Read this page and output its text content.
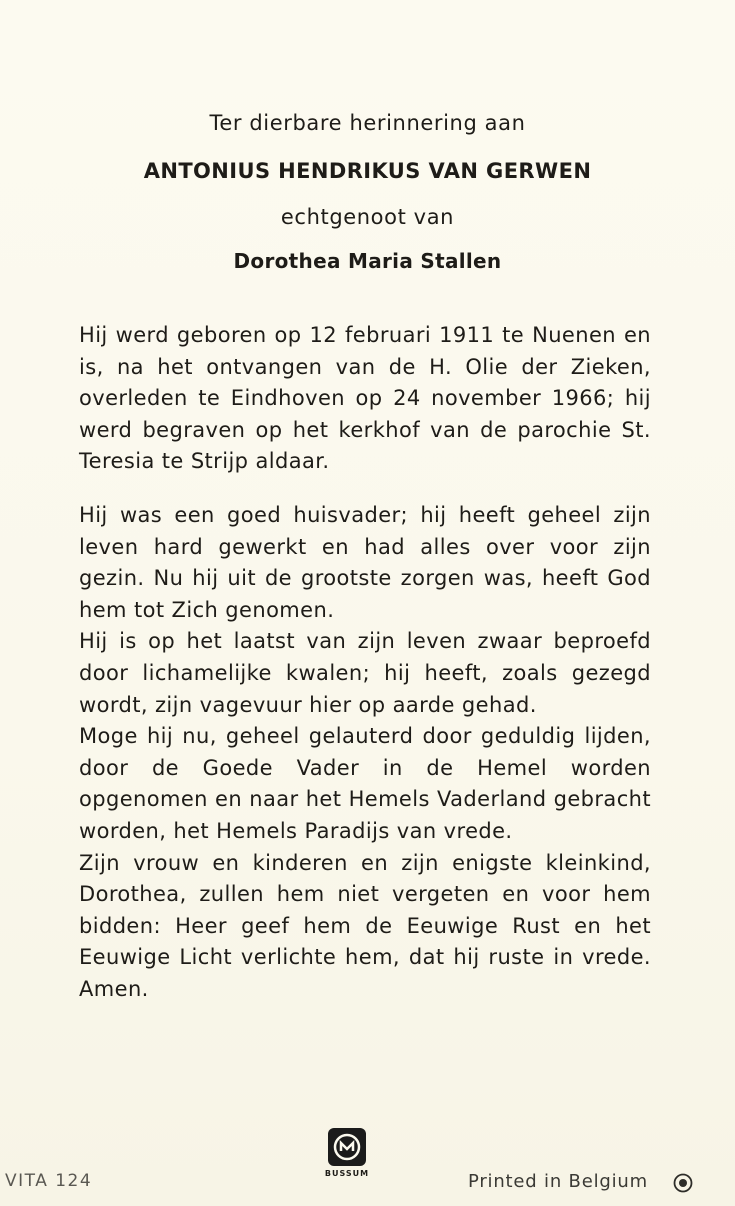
Ter dierbare herinnering aan
ANTONIUS HENDRIKUS VAN GERWEN
echtgenoot van
Dorothea Maria Stallen

Hij werd geboren op 12 februari 1911 te Nuenen en is, na het ontvangen van de H. Olie der Zieken, overleden te Eindhoven op 24 november 1966; hij werd begraven op het kerkhof van de parochie St. Teresia te Strijp aldaar.

Hij was een goed huisvader; hij heeft geheel zijn leven hard gewerkt en had alles over voor zijn gezin. Nu hij uit de grootste zorgen was, heeft God hem tot Zich genomen.

Hij is op het laatst van zijn leven zwaar beproefd door lichamelijke kwalen; hij heeft, zoals gezegd wordt, zijn vagevuur hier op aarde gehad.

Moge hij nu, geheel gelauterd door geduldig lijden, door de Goede Vader in de Hemel worden opgenomen en naar het Hemels Vaderland gebracht worden, het Hemels Paradijs van vrede.

Zijn vrouw en kinderen en zijn enigste kleinkind, Dorothea, zullen hem niet vergeten en voor hem bidden: Heer geef hem de Eeuwige Rust en het Eeuwige Licht verlichte hem, dat hij ruste in vrede. Amen.

VITA 124	BUSSUM	Printed in Belgium
